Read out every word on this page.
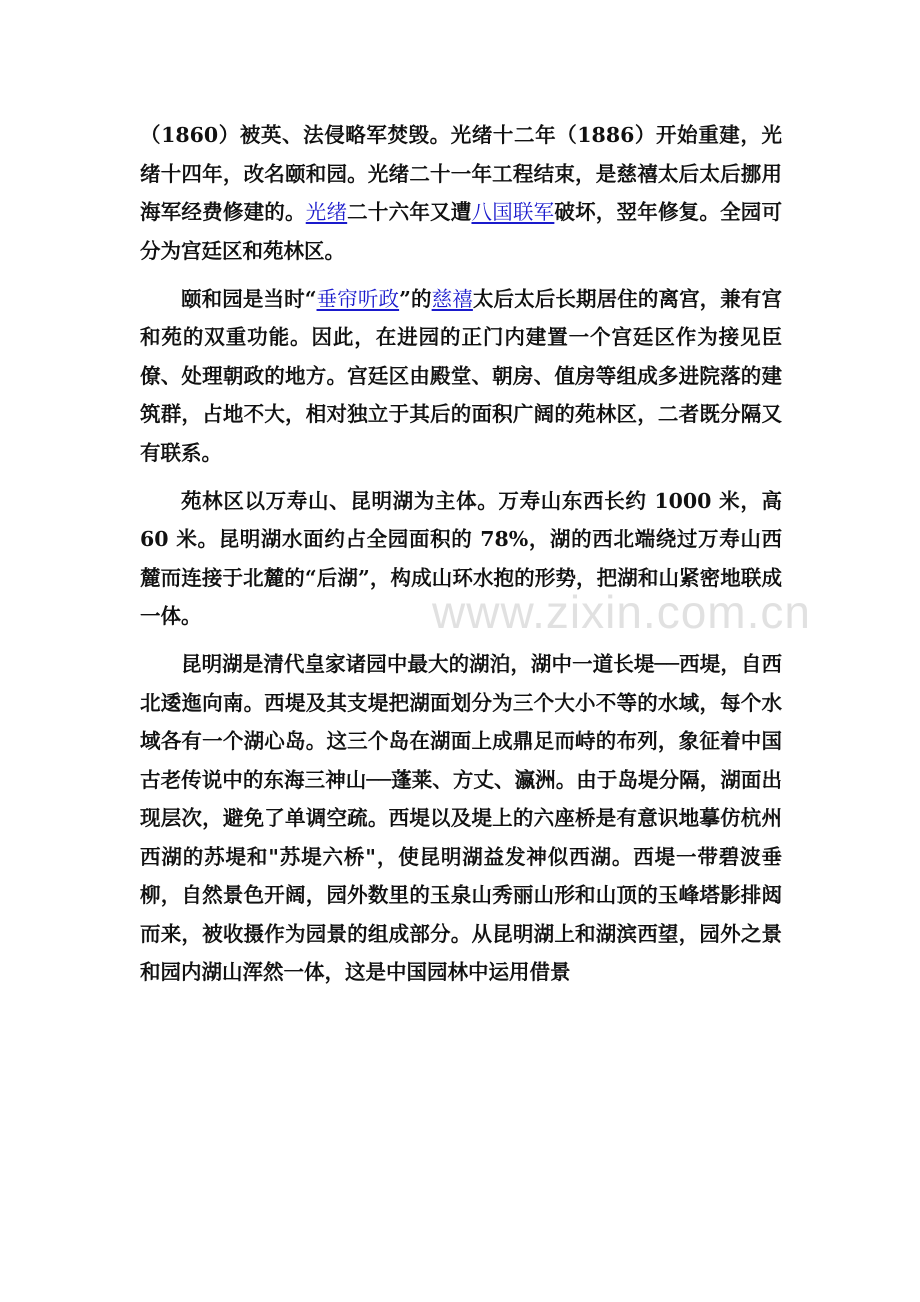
（1860）被英、法侵略军焚毁。光绪十二年（1886）开始重建，光绪十四年，改名颐和园。光绪二十一年工程结束，是慈禧太后太后挪用海军经费修建的。光绪二十六年又遭八国联军破坏，翌年修复。全园可分为宫廷区和苑林区。

颐和园是当时“垂帘听政”的慈禧太后太后长期居住的离宫，兼有宫和苑的双重功能。因此，在进园的正门内建置一个宫廷区作为接见臣僚、处理朝政的地方。宫廷区由殿堂、朝房、值房等组成多进院落的建筑群，占地不大，相对独立于其后的面积广阔的苑林区，二者既分隔又有联系。

苑林区以万寿山、昆明湖为主体。万寿山东西长约 1000 米，高 60 米。昆明湖水面约占全园面积的 78%，湖的西北端绕过万寿山西麓而连接于北麓的“后湖”，构成山环水抱的形势，把湖和山紧密地联成一体。

昆明湖是清代皇家诸园中最大的湖泊，湖中一道长堤──西堤，自西北逶迤向南。西堤及其支堤把湖面划分为三个大小不等的水域，每个水域各有一个湖心岛。这三个岛在湖面上成鼎足而峙的布列，象征着中国古老传说中的东海三神山──蓬莱、方丈、瀛洲。由于岛堤分隔，湖面出现层次，避免了单调空疏。西堤以及堤上的六座桥是有意识地摹仿杭州西湖的苏堤和"苏堤六桥"，使昆明湖益发神似西湖。西堤一带碧波垂柳，自然景色开阔，园外数里的玉泉山秀丽山形和山顶的玉峰塔影排闼而来，被收摄作为园景的组成部分。从昆明湖上和湖滨西望，园外之景和园内湖山浑然一体，这是中国园林中运用借景

www.zixin.com.cn
